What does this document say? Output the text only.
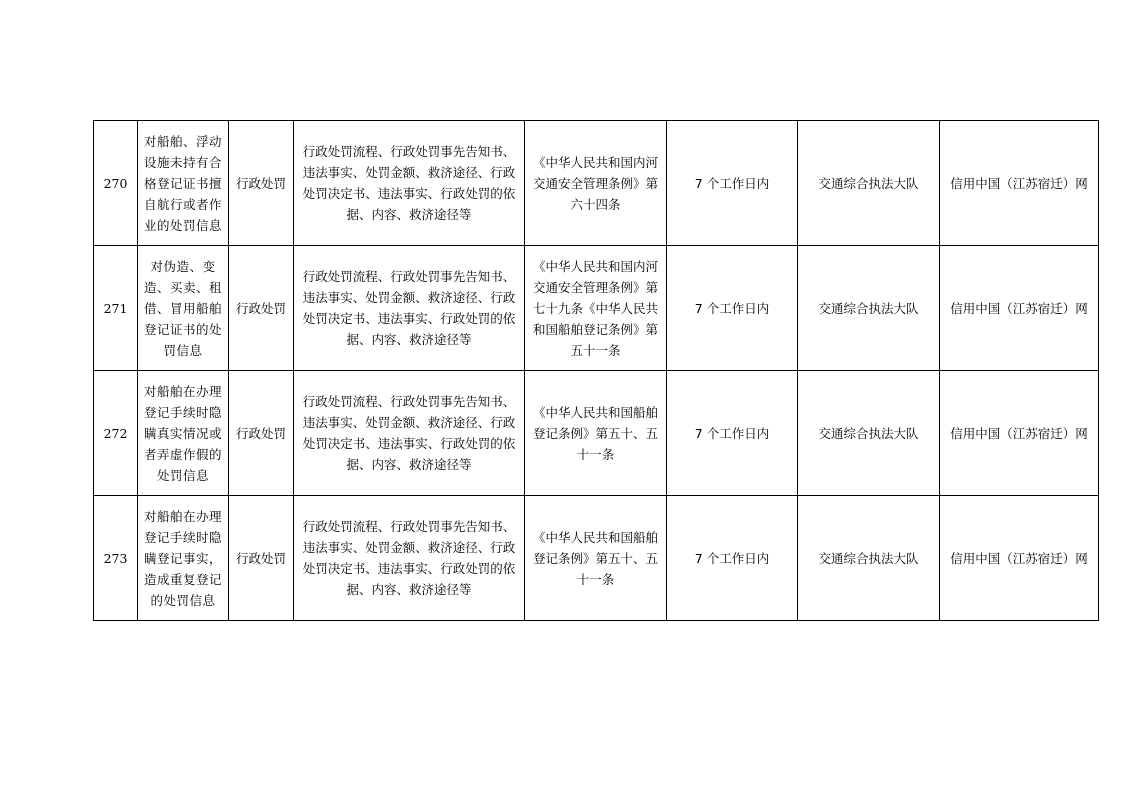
270	对船舶、浮动设施未持有合格登记证书擅自航行或者作业的处罚信息	行政处罚	行政处罚流程、行政处罚事先告知书、违法事实、处罚金额、救济途径、行政处罚决定书、违法事实、行政处罚的依据、内容、救济途径等	《中华人民共和国内河交通安全管理条例》第六十四条	7 个工作日内	交通综合执法大队	信用中国（江苏宿迁）网
271	对伪造、变造、买卖、租借、冒用船舶登记证书的处罚信息	行政处罚	行政处罚流程、行政处罚事先告知书、违法事实、处罚金额、救济途径、行政处罚决定书、违法事实、行政处罚的依据、内容、救济途径等	《中华人民共和国内河交通安全管理条例》第七十九条《中华人民共和国船舶登记条例》第五十一条	7 个工作日内	交通综合执法大队	信用中国（江苏宿迁）网
272	对船舶在办理登记手续时隐瞒真实情况或者弄虚作假的处罚信息	行政处罚	行政处罚流程、行政处罚事先告知书、违法事实、处罚金额、救济途径、行政处罚决定书、违法事实、行政处罚的依据、内容、救济途径等	《中华人民共和国船舶登记条例》第五十、五十一条	7 个工作日内	交通综合执法大队	信用中国（江苏宿迁）网
273	对船舶在办理登记手续时隐瞒登记事实，造成重复登记的处罚信息	行政处罚	行政处罚流程、行政处罚事先告知书、违法事实、处罚金额、救济途径、行政处罚决定书、违法事实、行政处罚的依据、内容、救济途径等	《中华人民共和国船舶登记条例》第五十、五十一条	7 个工作日内	交通综合执法大队	信用中国（江苏宿迁）网
